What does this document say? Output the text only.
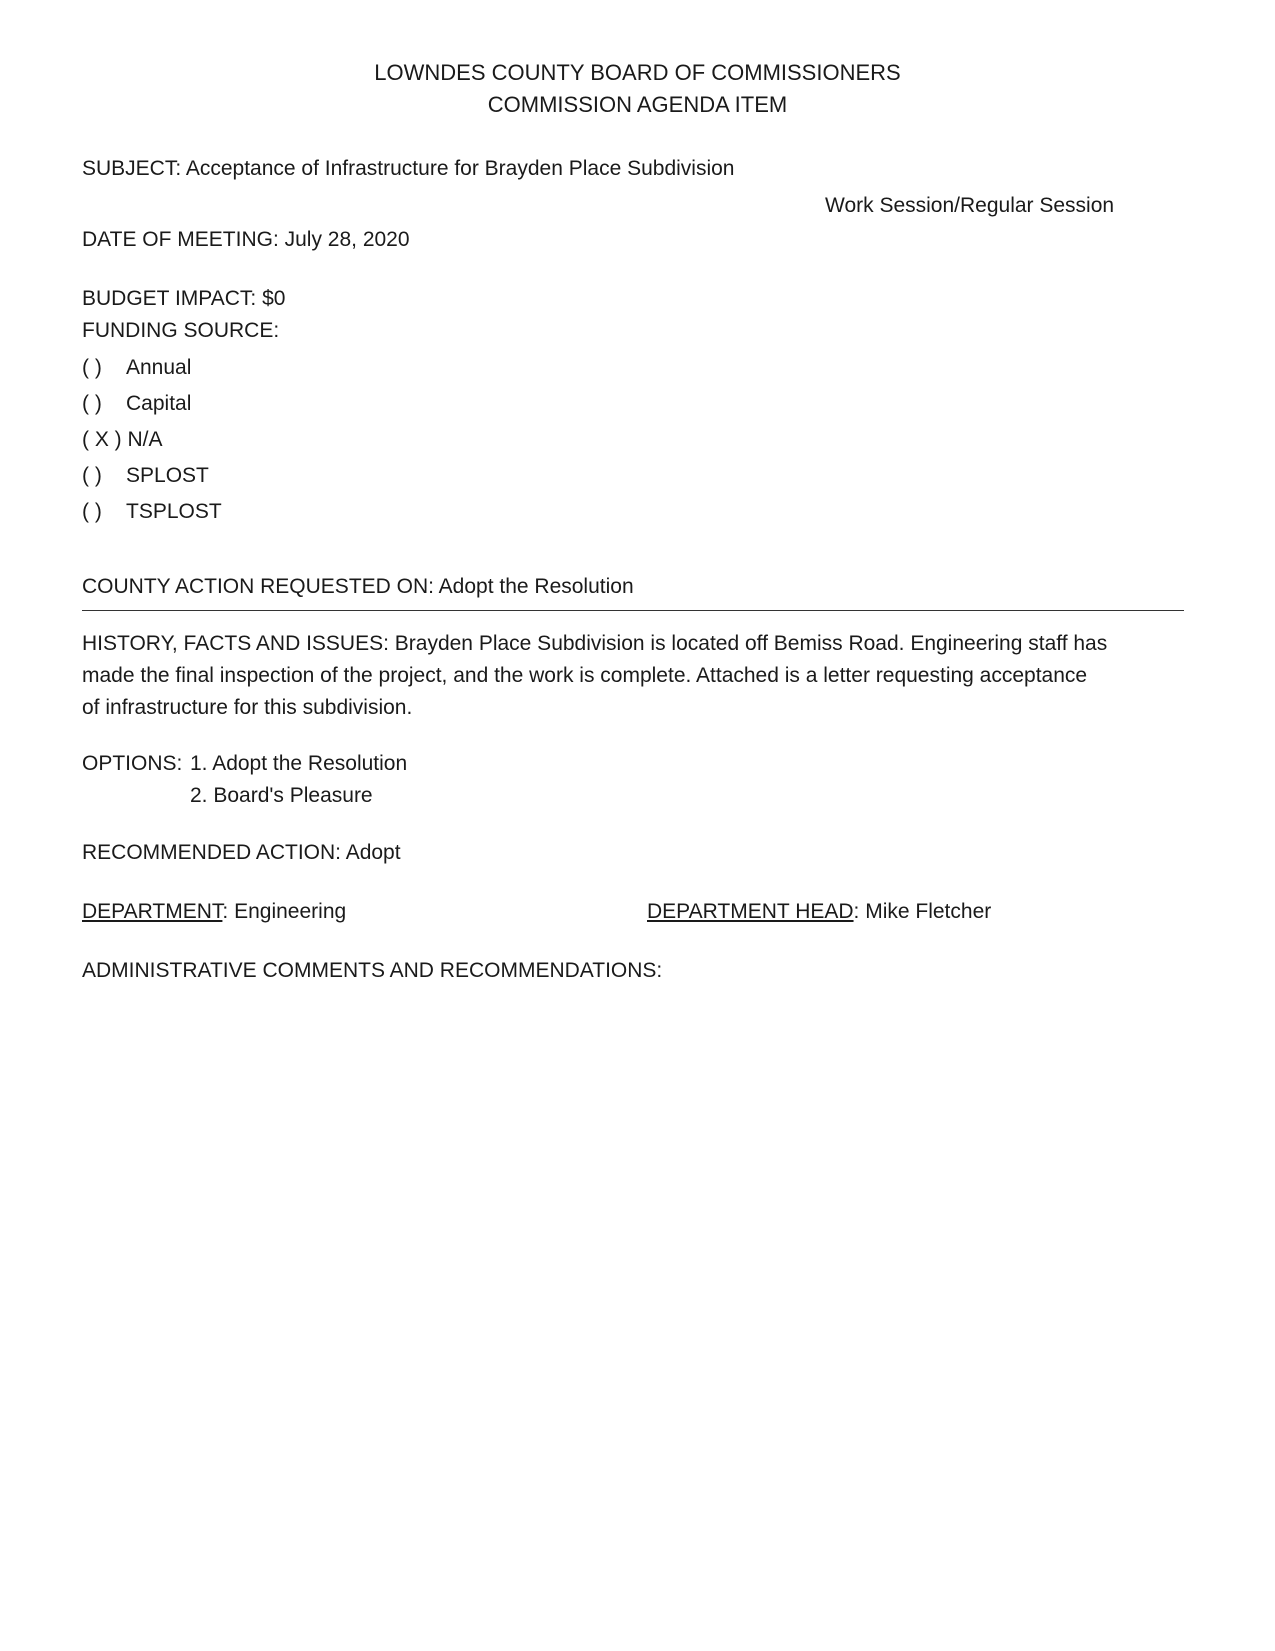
LOWNDES COUNTY BOARD OF COMMISSIONERS
COMMISSION AGENDA ITEM
SUBJECT: Acceptance of Infrastructure for Brayden Place Subdivision
Work Session/Regular Session
DATE OF MEETING: July 28, 2020
BUDGET IMPACT: $0
FUNDING SOURCE:
( ) Annual
( ) Capital
( X ) N/A
( ) SPLOST
( ) TSPLOST
COUNTY ACTION REQUESTED ON: Adopt the Resolution
HISTORY, FACTS AND ISSUES: Brayden Place Subdivision is located off Bemiss Road. Engineering staff has
made the final inspection of the project, and the work is complete. Attached is a letter requesting acceptance
of infrastructure for this subdivision.
OPTIONS: 1. Adopt the Resolution
2. Board's Pleasure
RECOMMENDED ACTION: Adopt
DEPARTMENT: Engineering	DEPARTMENT HEAD: Mike Fletcher
ADMINISTRATIVE COMMENTS AND RECOMMENDATIONS:
